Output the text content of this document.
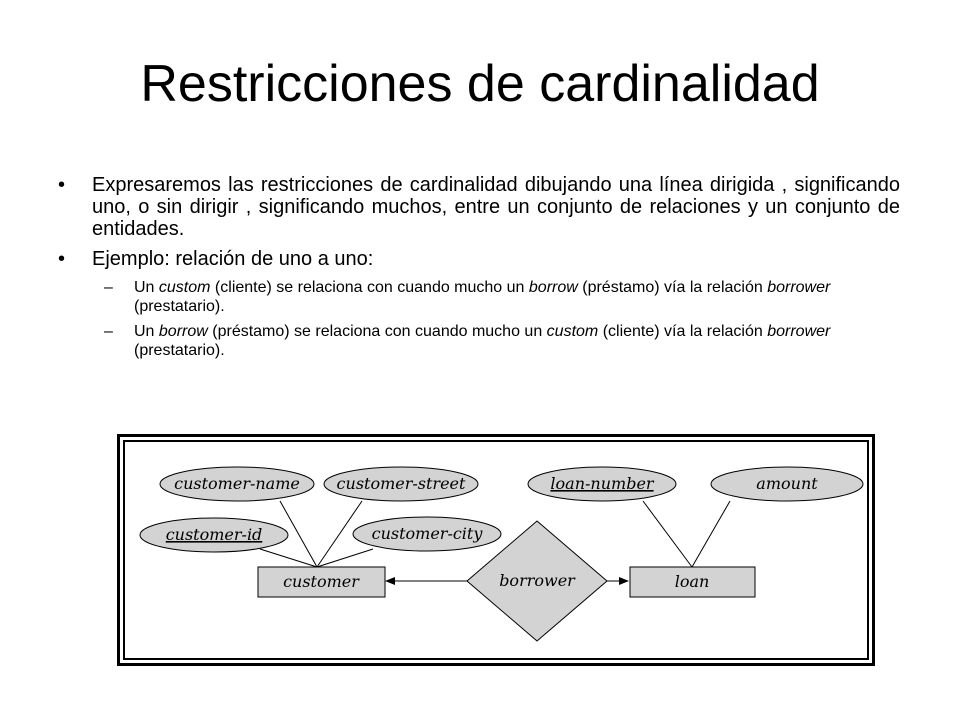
Restricciones de cardinalidad
• Expresaremos las restricciones de cardinalidad dibujando una línea dirigida , significando uno, o sin dirigir , significando muchos, entre un conjunto de relaciones y un conjunto de entidades.
• Ejemplo: relación de uno a uno:
– Un custom (cliente) se relaciona con cuando mucho un borrow (préstamo) vía la relación borrower (prestatario).
– Un borrow (préstamo) se relaciona con cuando mucho un custom (cliente) vía la relación borrower (prestatario).
customer-name customer-street
customer-id	customer-city
loan-number	amount
customer	loan
borrower
